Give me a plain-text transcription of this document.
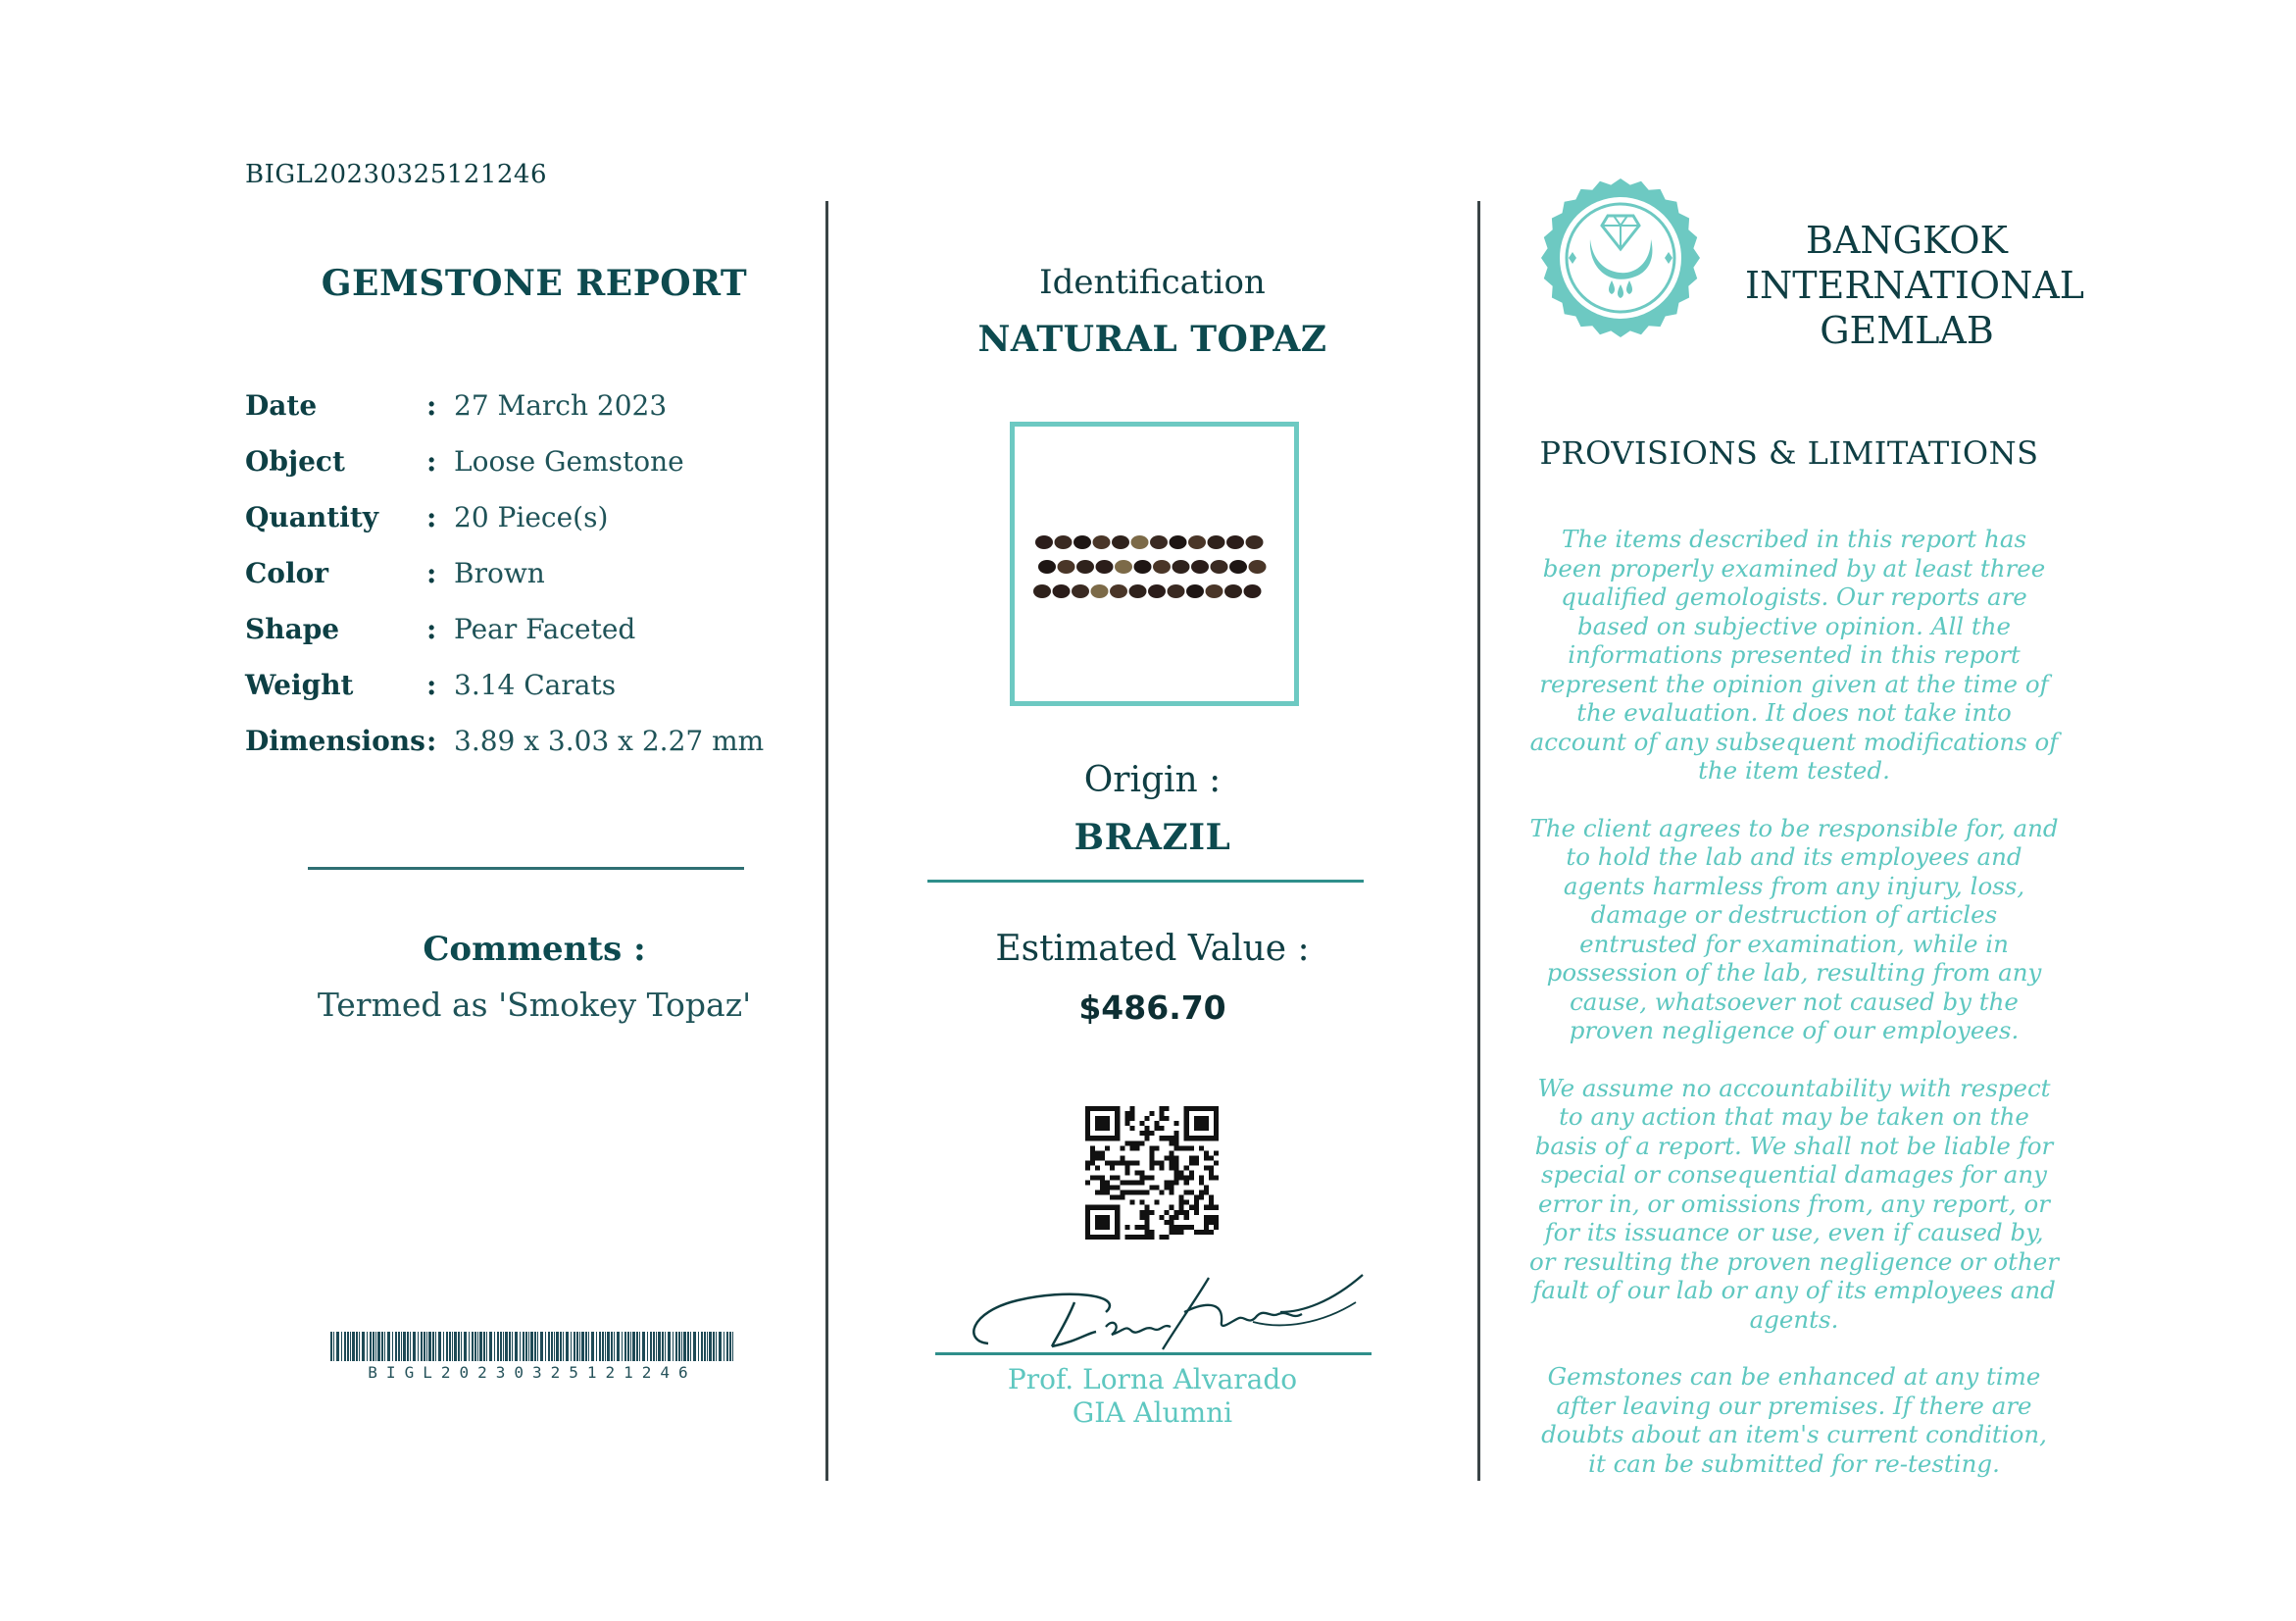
BIGL20230325121246
GEMSTONE REPORT
Date	: 27 March 2023
Object	: Loose Gemstone
Quantity	: 20 Piece(s)
Color	: Brown
Shape	: Pear Faceted
Weight	: 3.14 Carats
Dimensions : 3.89 x 3.03 x 2.27 mm
Comments :
Termed as 'Smokey Topaz'
BIGL20230325121246
Identification
NATURAL TOPAZ
Origin :
BRAZIL
Estimated Value :
$486.70
Prof. Lorna Alvarado
GIA Alumni
BANGKOK
INTERNATIONAL
GEMLAB
PROVISIONS & LIMITATIONS

The items described in this report has been properly examined by at least three qualified gemologists. Our reports are based on subjective opinion. All the informations presented in this report represent the opinion given at the time of the evaluation. It does not take into account of any subsequent modifications of the item tested.

The client agrees to be responsible for, and to hold the lab and its employees and agents harmless from any injury, loss, damage or destruction of articles entrusted for examination, while in possession of the lab, resulting from any cause, whatsoever not caused by the proven negligence of our employees.

We assume no accountability with respect to any action that may be taken on the basis of a report. We shall not be liable for special or consequential damages for any error in, or omissions from, any report, or for its issuance or use, even if caused by, or resulting the proven negligence or other fault of our lab or any of its employees and agents.

Gemstones can be enhanced at any time after leaving our premises. If there are doubts about an item's current condition, it can be submitted for re-testing.
